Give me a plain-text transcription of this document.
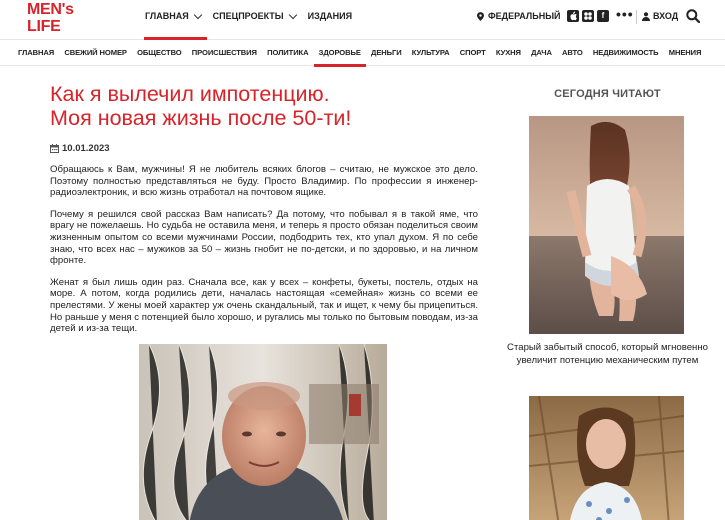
MEN's
LIFE
ГЛАВНАЯ	СПЕЦПРОЕКТЫ	ИЗДАНИЯ	ФЕДЕРАЛЬНЫЙ	f ••• ВХОД
ГЛАВНАЯ СВЕЖИЙ НОМЕР ОБЩЕСТВО ПРОИСШЕСТВИЯ ПОЛИТИКА ЗДОРОВЬЕ ДЕНЬГИ КУЛЬТУРА СПОРТ КУХНЯ ДАЧА АВТО НЕДВИЖИМОСТЬ МНЕНИЯ
Как я вылечил импотенцию.
Моя новая жизнь после 50-ти!
10.01.2023

Обращаюсь к Вам, мужчины! Я не любитель всяких блогов – считаю, не мужское это дело. Поэтому полностью представляться не буду. Просто Владимир. По профессии я инженер-радиоэлектроник, и всю жизнь отработал на почтовом ящике.

Почему я решился свой рассказ Вам написать? Да потому, что побывал я в такой яме, что врагу не пожелаешь. Но судьба не оставила меня, и теперь я просто обязан поделиться своим жизненным опытом со всеми мужчинами России, подбодрить тех, кто упал духом. Я по себе знаю, что всех нас – мужиков за 50 – жизнь гнобит не по-детски, и по здоровью, и на личном фронте.

Женат я был лишь один раз. Сначала все, как у всех – конфеты, букеты, постель, отдых на море. А потом, когда родились дети, началась настоящая «семейная» жизнь со всеми ее прелестями. У жены моей характер уж очень скандальный, так и ищет, к чему бы прицепиться. Но раньше у меня с потенцией было хорошо, и ругались мы только по бытовым поводам, из-за детей и из-за тещи.

СЕГОДНЯ ЧИТАЮТ
Старый забытый способ, который мгновенно увеличит потенцию механическим путем
